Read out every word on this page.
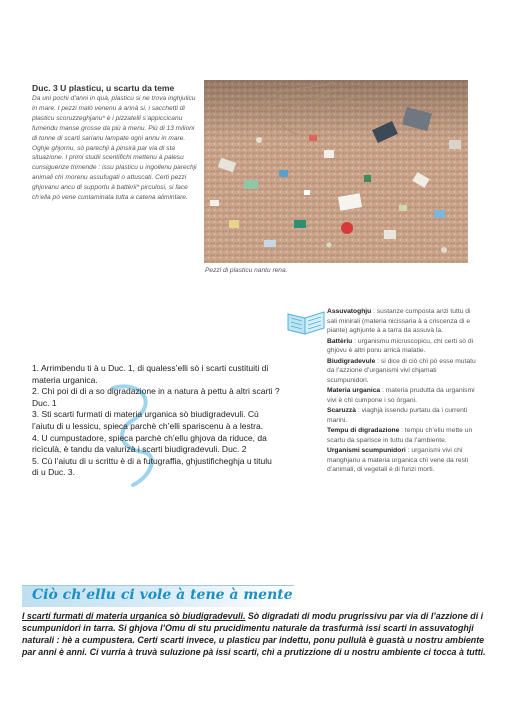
Duc. 3 U plasticu, u scartu da teme

Da uni pochi d’anni in quà, plasticu si ne trova inghjulicu in mare. I pezzi malò venenu à arinà si, i sacchetti di plasticu scoruzzeghjanu* è i pizzatelli s’appiccicanu fumendu manse grosse da più à menu. Più di 13 milioni di tonne di scarti sarianu lampate ogni annu in mare. Oghje ghjornu, sò parechji à pinsirà par via di sta situazione. I primi studii scentifichi mettenu à palesu cunsiguenze trimende : issu plasticu u ingollenu parechji animali chì morenu assufugati o attuscati. Certi pezzi ghjovanu ancu di supportu à battèrii* pirculosi, si face ch’ella pò vene cuntaminata tutta a catena alimintare.

Pezzi di plasticu nantu rena.

Assuvatoghju : sustanze cumposta anzi tuttu di sali minirali (materia nicissaria à a criscenza di e piante) aghjunte à a tarra da assuvà la.

Battèriu : urganismu micruscopicu, chì certi sò di ghjovu è altri ponu arricà malatie.

Biudigradevule : si dice di ciò chì pò esse mutatu da l’azzione d’urganismi vivi chjamati scumpunidori.

Materia urganica : materia prudutta da urganismi vivi è chì cumpone i so òrgani.

Scaruzzà : viaghjà issendu purtatu da i currenti marini.

Tempu di digradazione : tempu ch’ellu mette un scartu da sparisce in tuttu da l’ambiente.

Urganismi scumpunidori : urganismi vivi chì manghjanu a materia urganica chì vene da resti d’animali, di vegetali è di funzi morti.

1. Arrimbendu ti à u Duc. 1, di qualess’elli sò i scarti custituiti di materia urganica.

2. Chì poi di di a so digradazione in a natura à pettu à altri scarti ? Duc. 1

3. Sti scarti furmati di materia urganica sò biudigradevuli. Cù l’aiutu di u lessicu, spieca parchè ch’elli spariscenu à a lestra.

4. U cumpustadore, spieca parchè ch’ellu ghjova da riduce, da ricìculà, è tandu da valurizà i scarti biudigradevuli. Duc. 2

5. Cù l’aiutu di u scrittu è di a futugraffia, ghjustificheghja u titulu di u Duc. 3.

Ciò ch’ellu ci vole à tene à mente

I scarti furmati di materia urganica sò biudigradevuli. Sò digradati di modu prugrissivu par via di l’azzione di i scumpunidori in tarra. Si ghjova l’Omu di stu prucidimentu naturale da trasfurmà issi scarti in assuvatoghji naturali : hè a cumpustera. Certi scarti invece, u plasticu par indettu, ponu pullulà è guastà u nostru ambiente par anni è anni. Ci vurria à truvà suluzione pà issi scarti, chì a prutizzione di u nostru ambiente ci tocca à tutti.
